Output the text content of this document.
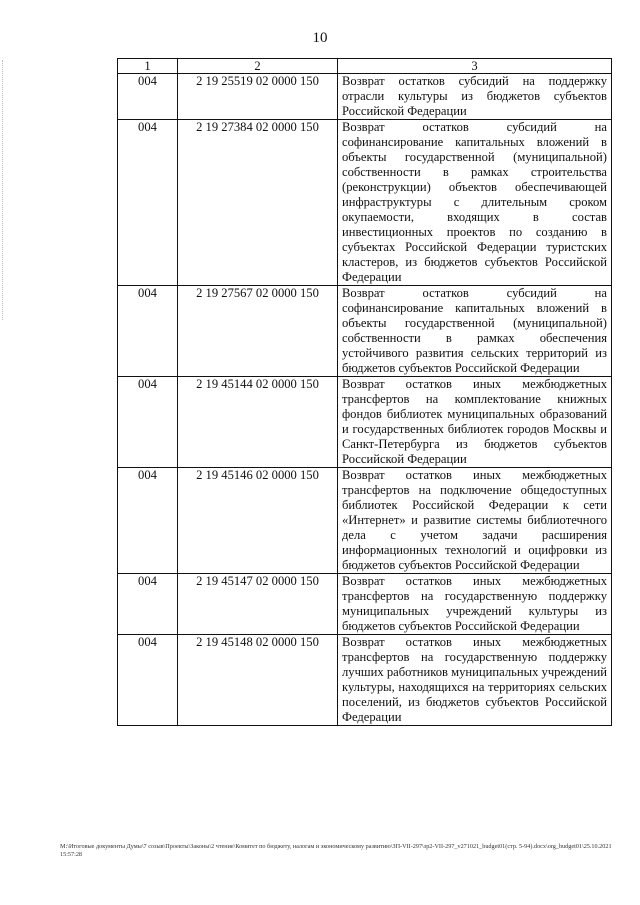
10
1	2	3
004	2 19 25519 02 0000 150	Возврат остатков субсидий на поддержку отрасли культуры из бюджетов субъектов Российской Федерации
004	2 19 27384 02 0000 150	Возврат остатков субсидий на софинансирование капитальных вложений в объекты государственной (муниципальной) собственности в рамках строительства (реконструкции) объектов обеспечивающей инфраструктуры с длительным сроком окупаемости, входящих в состав инвестиционных проектов по созданию в субъектах Российской Федерации туристских кластеров, из бюджетов субъектов Российской Федерации
004	2 19 27567 02 0000 150	Возврат остатков субсидий на софинансирование капитальных вложений в объекты государственной (муниципальной) собственности в рамках обеспечения устойчивого развития сельских территорий из бюджетов субъектов Российской Федерации
004	2 19 45144 02 0000 150	Возврат остатков иных межбюджетных трансфертов на комплектование книжных фондов библиотек муниципальных образований и государственных библиотек городов Москвы и Санкт-Петербурга из бюджетов субъектов Российской Федерации
004	2 19 45146 02 0000 150	Возврат остатков иных межбюджетных трансфертов на подключение общедоступных библиотек Российской Федерации к сети «Интернет» и развитие системы библиотечного дела с учетом задачи расширения информационных технологий и оцифровки из бюджетов субъектов Российской Федерации
004	2 19 45147 02 0000 150	Возврат остатков иных межбюджетных трансфертов на государственную поддержку муниципальных учреждений культуры из бюджетов субъектов Российской Федерации
004	2 19 45148 02 0000 150	Возврат остатков иных межбюджетных трансфертов на государственную поддержку лучших работников муниципальных учреждений культуры, находящихся на территориях сельских поселений, из бюджетов субъектов Российской Федерации
M:\Итоговые документы Думы\7 созыв\Проекты\Законы\2 чтение\Комитет по бюджету, налогам и экономическому развитию\ЗП-VII-297\зр2-VII-297_v271021_budget01(стр. 5-94).docx\org_budget01\25.10.2021 15:57:28
